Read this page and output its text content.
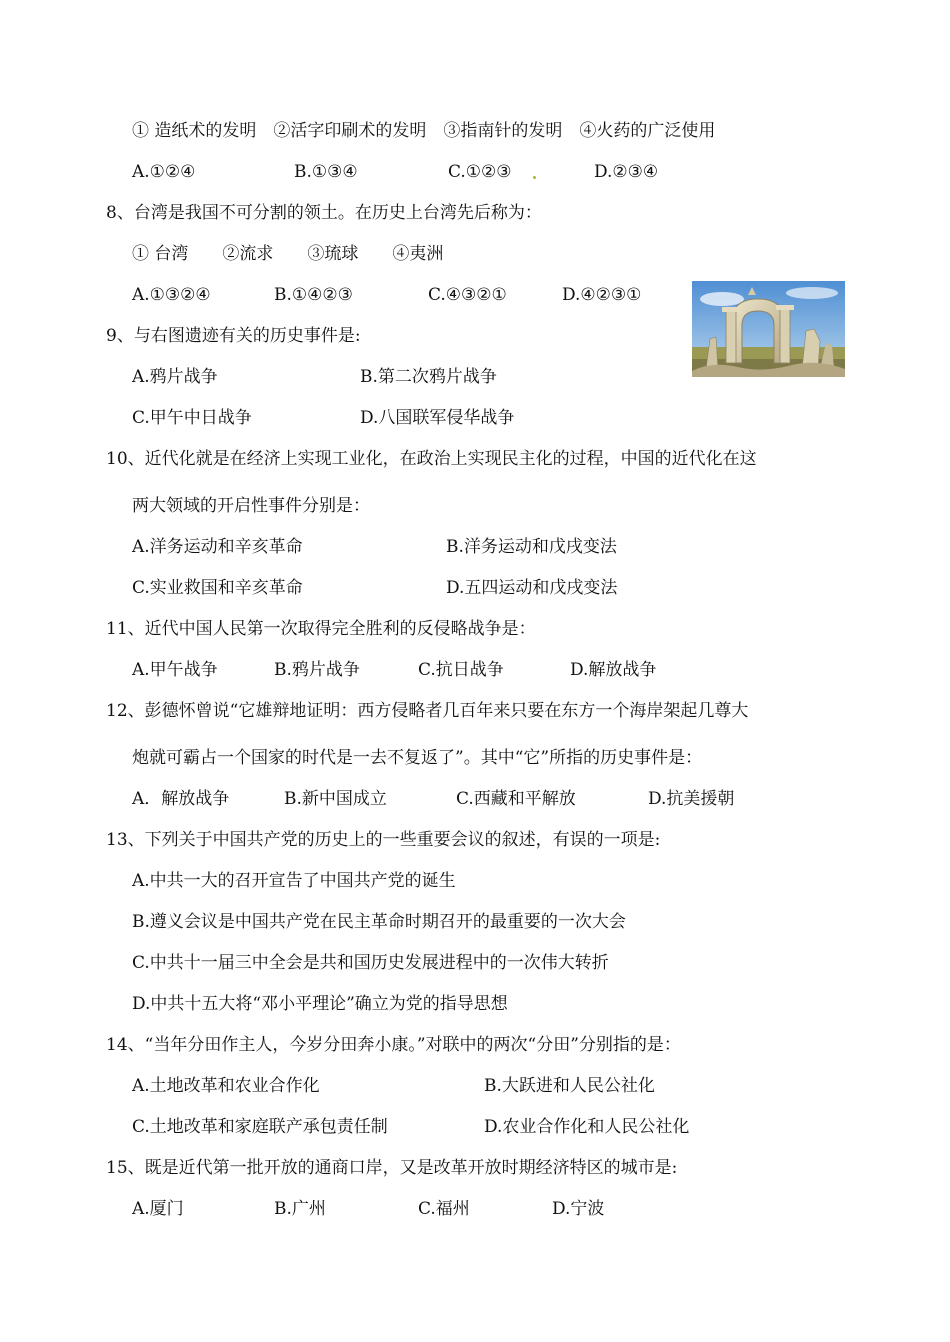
① 造纸术的发明　②活字印刷术的发明　③指南针的发明　④火药的广泛使用
A.①②④	B.①③④	C.①②③	D.②③④
8、台湾是我国不可分割的领土。在历史上台湾先后称为：
① 台湾　　②流求　　③琉球　　④夷洲
A.①③②④	B.①④②③	C.④③②①	D.④②③①
9、与右图遗迹有关的历史事件是:
A.鸦片战争	B.第二次鸦片战争
C.甲午中日战争	D.八国联军侵华战争
10、近代化就是在经济上实现工业化，在政治上实现民主化的过程，中国的近代化在这
两大领域的开启性事件分别是：
A.洋务运动和辛亥革命	B.洋务运动和戊戌变法
C.实业救国和辛亥革命	D.五四运动和戊戌变法
11、近代中国人民第一次取得完全胜利的反侵略战争是：
A.甲午战争	B.鸦片战争	C.抗日战争	D.解放战争
12、彭德怀曾说“它雄辩地证明：西方侵略者几百年来只要在东方一个海岸架起几尊大
炮就可霸占一个国家的时代是一去不复返了”。其中“它”所指的历史事件是：
A．解放战争	B.新中国成立	C.西藏和平解放	D.抗美援朝
13、下列关于中国共产党的历史上的一些重要会议的叙述，有误的一项是:
A.中共一大的召开宣告了中国共产党的诞生
B.遵义会议是中国共产党在民主革命时期召开的最重要的一次大会
C.中共十一届三中全会是共和国历史发展进程中的一次伟大转折
D.中共十五大将“邓小平理论”确立为党的指导思想
14、“当年分田作主人，今岁分田奔小康。”对联中的两次“分田”分别指的是：
A.土地改革和农业合作化	B.大跃进和人民公社化
C.土地改革和家庭联产承包责任制	D.农业合作化和人民公社化
15、既是近代第一批开放的通商口岸，又是改革开放时期经济特区的城市是:
A.厦门	B.广州	C.福州	D.宁波
